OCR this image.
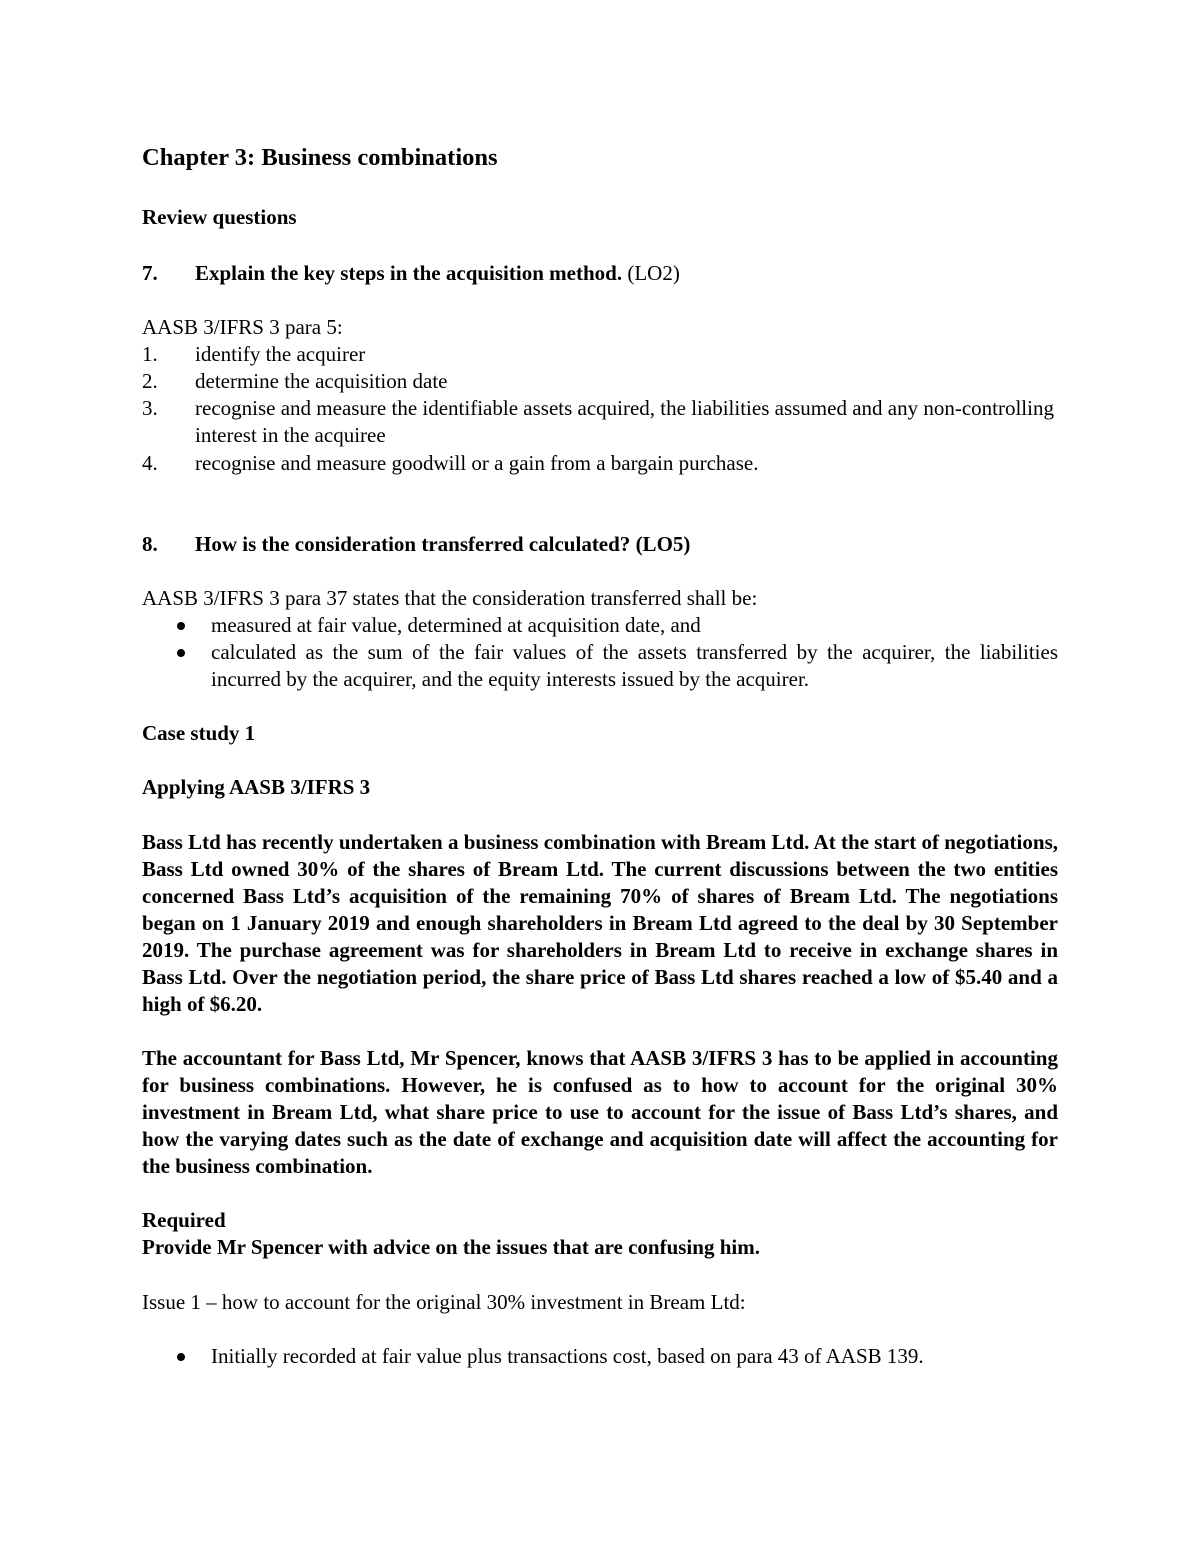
Chapter 3: Business combinations
Review questions
7. Explain the key steps in the acquisition method. (LO2)
AASB 3/IFRS 3 para 5:
1. identify the acquirer
2. determine the acquisition date
3. recognise and measure the identifiable assets acquired, the liabilities assumed and any non-controlling interest in the acquiree
4. recognise and measure goodwill or a gain from a bargain purchase.
8. How is the consideration transferred calculated? (LO5)
AASB 3/IFRS 3 para 37 states that the consideration transferred shall be:
measured at fair value, determined at acquisition date, and
calculated as the sum of the fair values of the assets transferred by the acquirer, the liabilities incurred by the acquirer, and the equity interests issued by the acquirer.
Case study 1
Applying AASB 3/IFRS 3
Bass Ltd has recently undertaken a business combination with Bream Ltd. At the start of negotiations, Bass Ltd owned 30% of the shares of Bream Ltd. The current discussions between the two entities concerned Bass Ltd’s acquisition of the remaining 70% of shares of Bream Ltd. The negotiations began on 1 January 2019 and enough shareholders in Bream Ltd agreed to the deal by 30 September 2019. The purchase agreement was for shareholders in Bream Ltd to receive in exchange shares in Bass Ltd. Over the negotiation period, the share price of Bass Ltd shares reached a low of $5.40 and a high of $6.20.
The accountant for Bass Ltd, Mr Spencer, knows that AASB 3/IFRS 3 has to be applied in accounting for business combinations. However, he is confused as to how to account for the original 30% investment in Bream Ltd, what share price to use to account for the issue of Bass Ltd’s shares, and how the varying dates such as the date of exchange and acquisition date will affect the accounting for the business combination.
Required
Provide Mr Spencer with advice on the issues that are confusing him.
Issue 1 – how to account for the original 30% investment in Bream Ltd:
Initially recorded at fair value plus transactions cost, based on para 43 of AASB 139.
